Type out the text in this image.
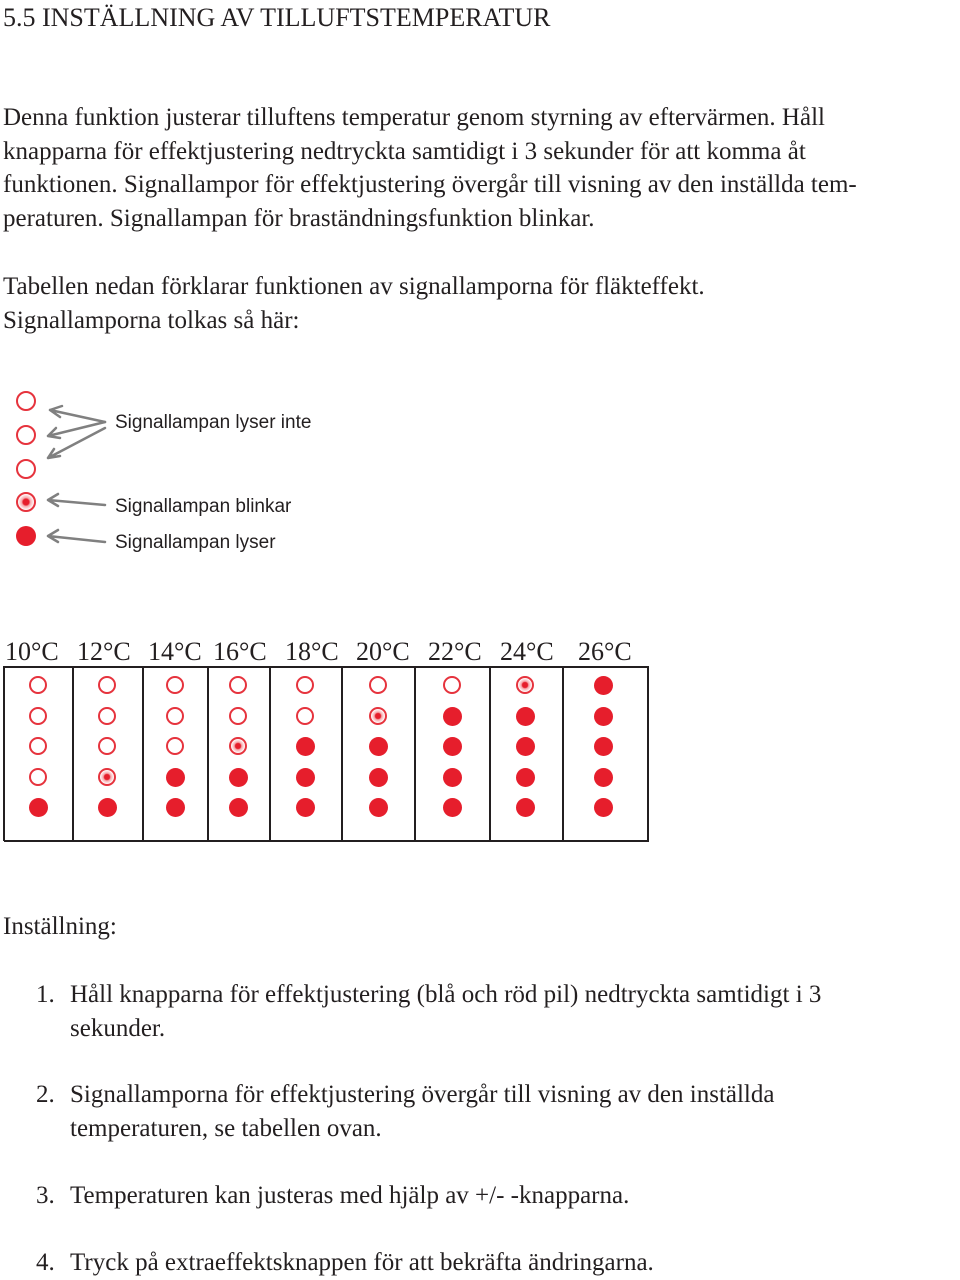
5.5 INSTÄLLNING AV TILLUFTSTEMPERATUR
Denna funktion justerar tilluftens temperatur genom styrning av eftervärmen. Håll
knapparna för effektjustering nedtryckta samtidigt i 3 sekunder för att komma åt
funktionen. Signallampor för effektjustering övergår till visning av den inställda tem-
peraturen. Signallampan för braständningsfunktion blinkar.
Tabellen nedan förklarar funktionen av signallamporna för fläkteffekt.
Signallamporna tolkas så här:
Signallampan lyser inte
Signallampan blinkar
Signallampan lyser
10°C 12°C 14°C 16°C 18°C 20°C 22°C 24°C 26°C
Inställning:
1. Håll knapparna för effektjustering (blå och röd pil) nedtryckta samtidigt i 3
sekunder.
2. Signallamporna för effektjustering övergår till visning av den inställda
temperaturen, se tabellen ovan.
3. Temperaturen kan justeras med hjälp av +/- -knapparna.
4. Tryck på extraeffektsknappen för att bekräfta ändringarna.
